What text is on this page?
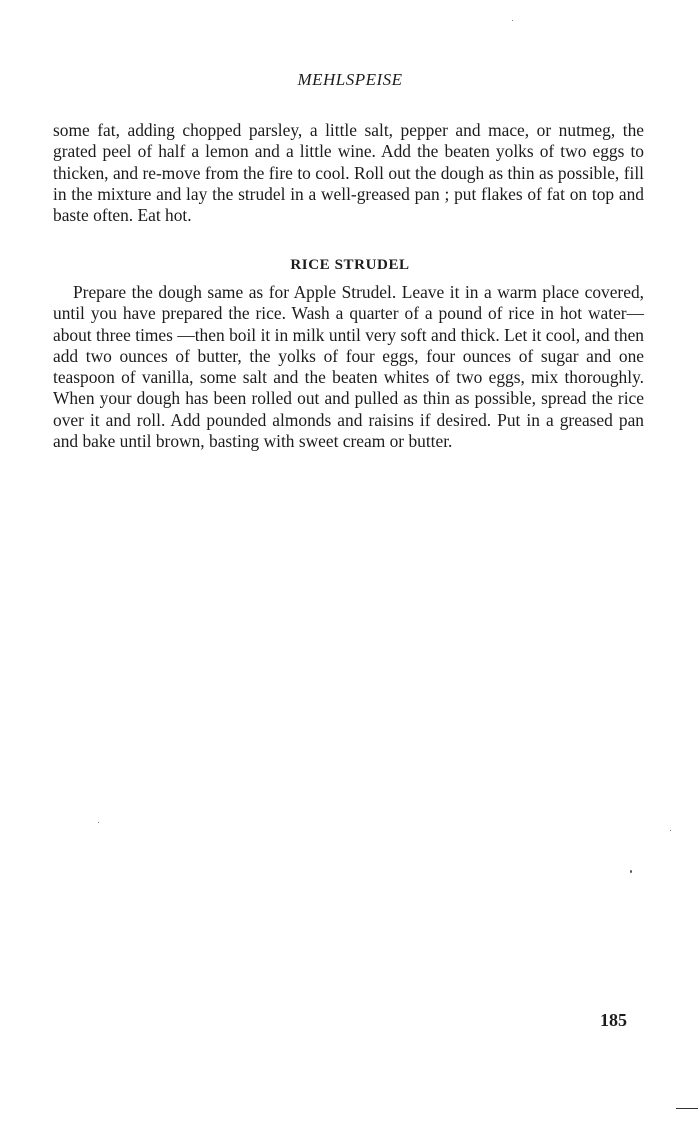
MEHLSPEISE

some fat, adding chopped parsley, a little salt, pepper and mace, or nutmeg, the grated peel of half a lemon and a little wine. Add the beaten yolks of two eggs to thicken, and re-move from the fire to cool. Roll out the dough as thin as possible, fill in the mixture and lay the strudel in a well-greased pan ; put flakes of fat on top and baste often. Eat hot.

RICE STRUDEL

Prepare the dough same as for Apple Strudel. Leave it in a warm place covered, until you have prepared the rice. Wash a quarter of a pound of rice in hot water—about three times —then boil it in milk until very soft and thick. Let it cool, and then add two ounces of butter, the yolks of four eggs, four ounces of sugar and one teaspoon of vanilla, some salt and the beaten whites of two eggs, mix thoroughly. When your dough has been rolled out and pulled as thin as possible, spread the rice over it and roll. Add pounded almonds and raisins if desired. Put in a greased pan and bake until brown, basting with sweet cream or butter.

185
